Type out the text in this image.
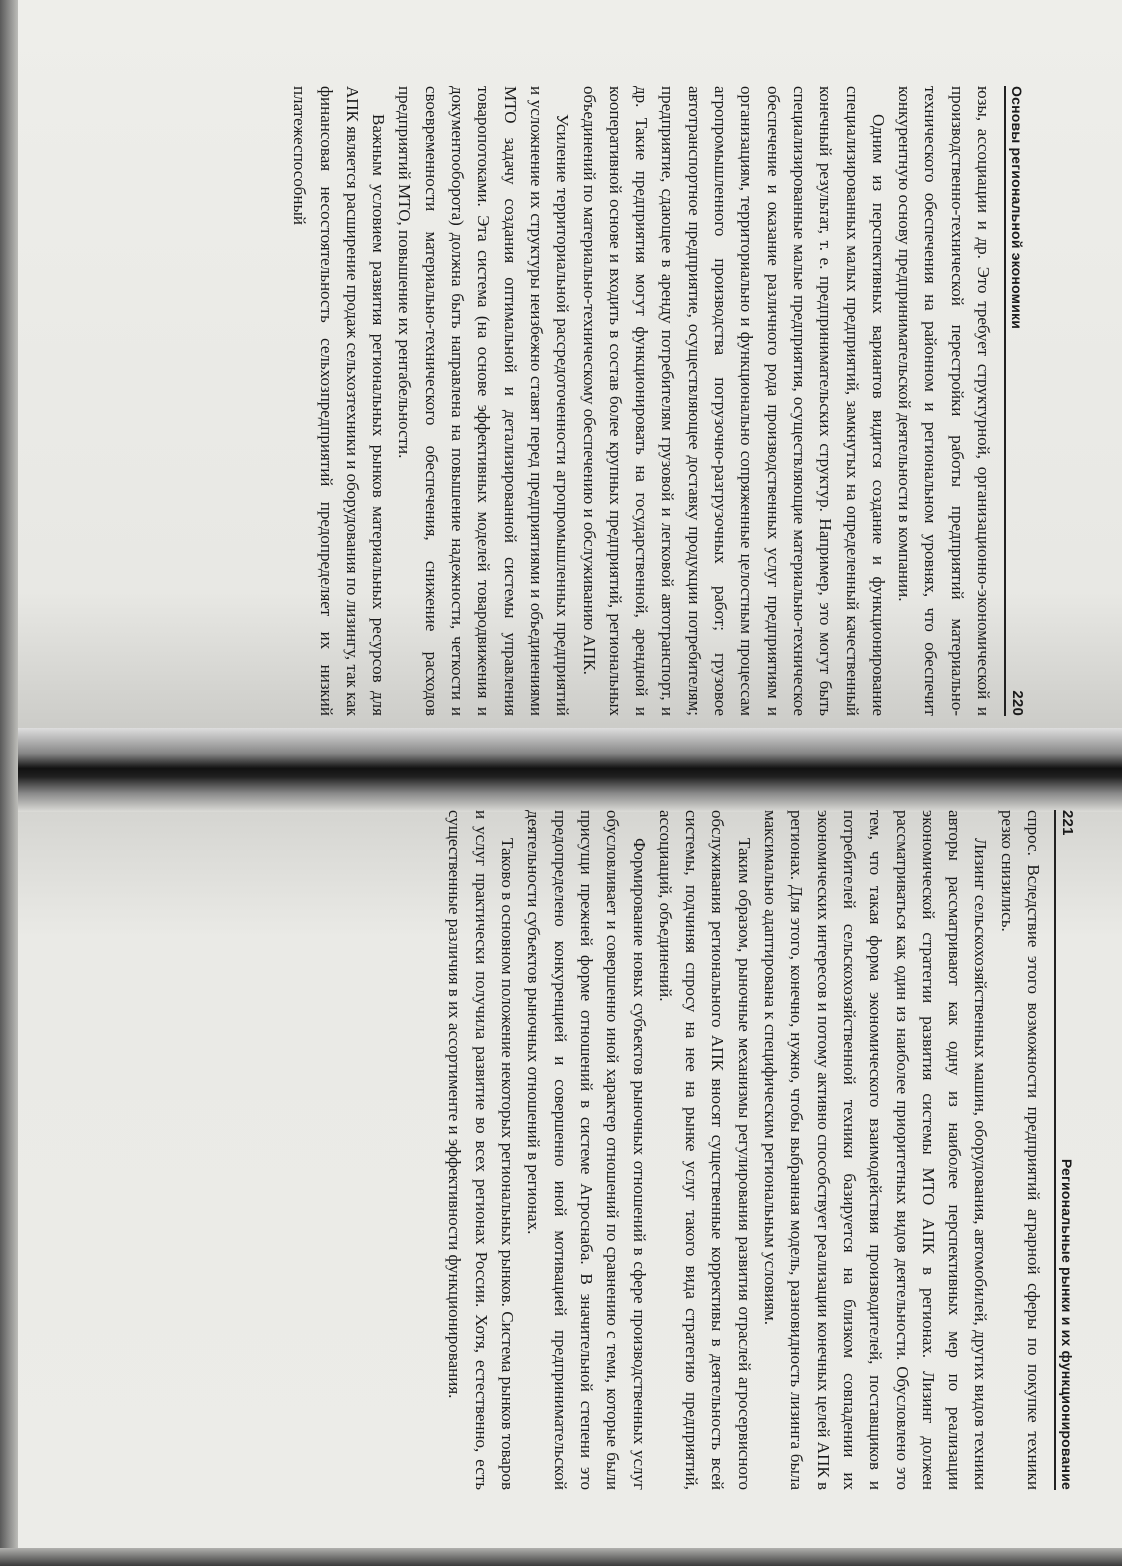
Основы региональной экономики
220

юзы, ассоциации и др. Это требует структурной, организационно-экономической и производственно-технической перестройки работы предприятий материально-технического обеспечения на районном и региональном уровнях, что обеспечит конкурентную основу предпринимательской деятельности в компании.

Одним из перспективных вариантов видится создание и функционирование специализированных малых предприятий, замкнутых на определенный качественный конечный результат, т. е. предпринимательских структур. Например, это могут быть специализированные малые предприятия, осуществляющие материально-техническое обеспечение и оказание различного рода производственных услуг предприятиям и организациям, территориально и функционально сопряженные целостным процессам агропромышленного производства погрузочно-разгрузочных работ; грузовое автотранспортное предприятие, осуществляющее доставку продукции потребителям; предприятие, сдающее в аренду потребителям грузовой и легковой автотранспорт, и др. Такие предприятия могут функционировать на государственной, арендной и кооперативной основе и входить в состав более крупных предприятий, региональных объединений по материально-техническому обеспечению и обслуживанию АПК.

Усиление территориальной рассредоточенности агропромышленных предприятий и усложнение их структуры неизбежно ставят перед предприятиями и объединениями МТО задачу создания оптимальной и детализированной системы управления товаропотоками. Эта система (на основе эффективных моделей товародвижения и документооборота) должна быть направлена на повышение надежности, четкости и своевременности материально-технического обеспечения, снижение расходов предприятий МТО, повышение их рентабельности.

Важным условием развития региональных рынков материальных ресурсов для АПК является расширение продаж сельхозтехники и оборудования по лизингу, так как финансовая несостоятельность сельхозпредприятий предопределяет их низкий платежеспособный

221
Региональные рынки и их функционирование

спрос. Вследствие этого возможности предприятий аграрной сферы по покупке техники резко снизились.

Лизинг сельскохозяйственных машин, оборудования, автомобилей, других видов техники авторы рассматривают как одну из наиболее перспективных мер по реализации экономической стратегии развития системы МТО АПК в регионах. Лизинг должен рассматриваться как один из наиболее приоритетных видов деятельности. Обусловлено это тем, что такая форма экономического взаимодействия производителей, поставщиков и потребителей сельскохозяйственной техники базируется на близком совпадении их экономических интересов и потому активно способствует реализации конечных целей АПК в регионах. Для этого, конечно, нужно, чтобы выбранная модель, разновидность лизинга была максимально адаптирована к специфическим региональным условиям.

Таким образом, рыночные механизмы регулирования развития отраслей агросервисного обслуживания регионального АПК вносят существенные коррективы в деятельность всей системы, подчиняя спросу на нее на рынке услуг такого вида стратегию предприятий, ассоциаций, объединений.

Формирование новых субъектов рыночных отношений в сфере производственных услуг обусловливает и совершенно иной характер отношений по сравнению с теми, которые были присущи прежней форме отношений в системе Агроснаба. В значительной степени это предопределено конкуренцией и совершенно иной мотивацией предпринимательской деятельности субъектов рыночных отношений в регионах.

Таково в основном положение некоторых региональных рынков. Система рынков товаров и услуг практически получила развитие во всех регионах России. Хотя, естественно, есть существенные различия в их ассортименте и эффективности функционирования.
